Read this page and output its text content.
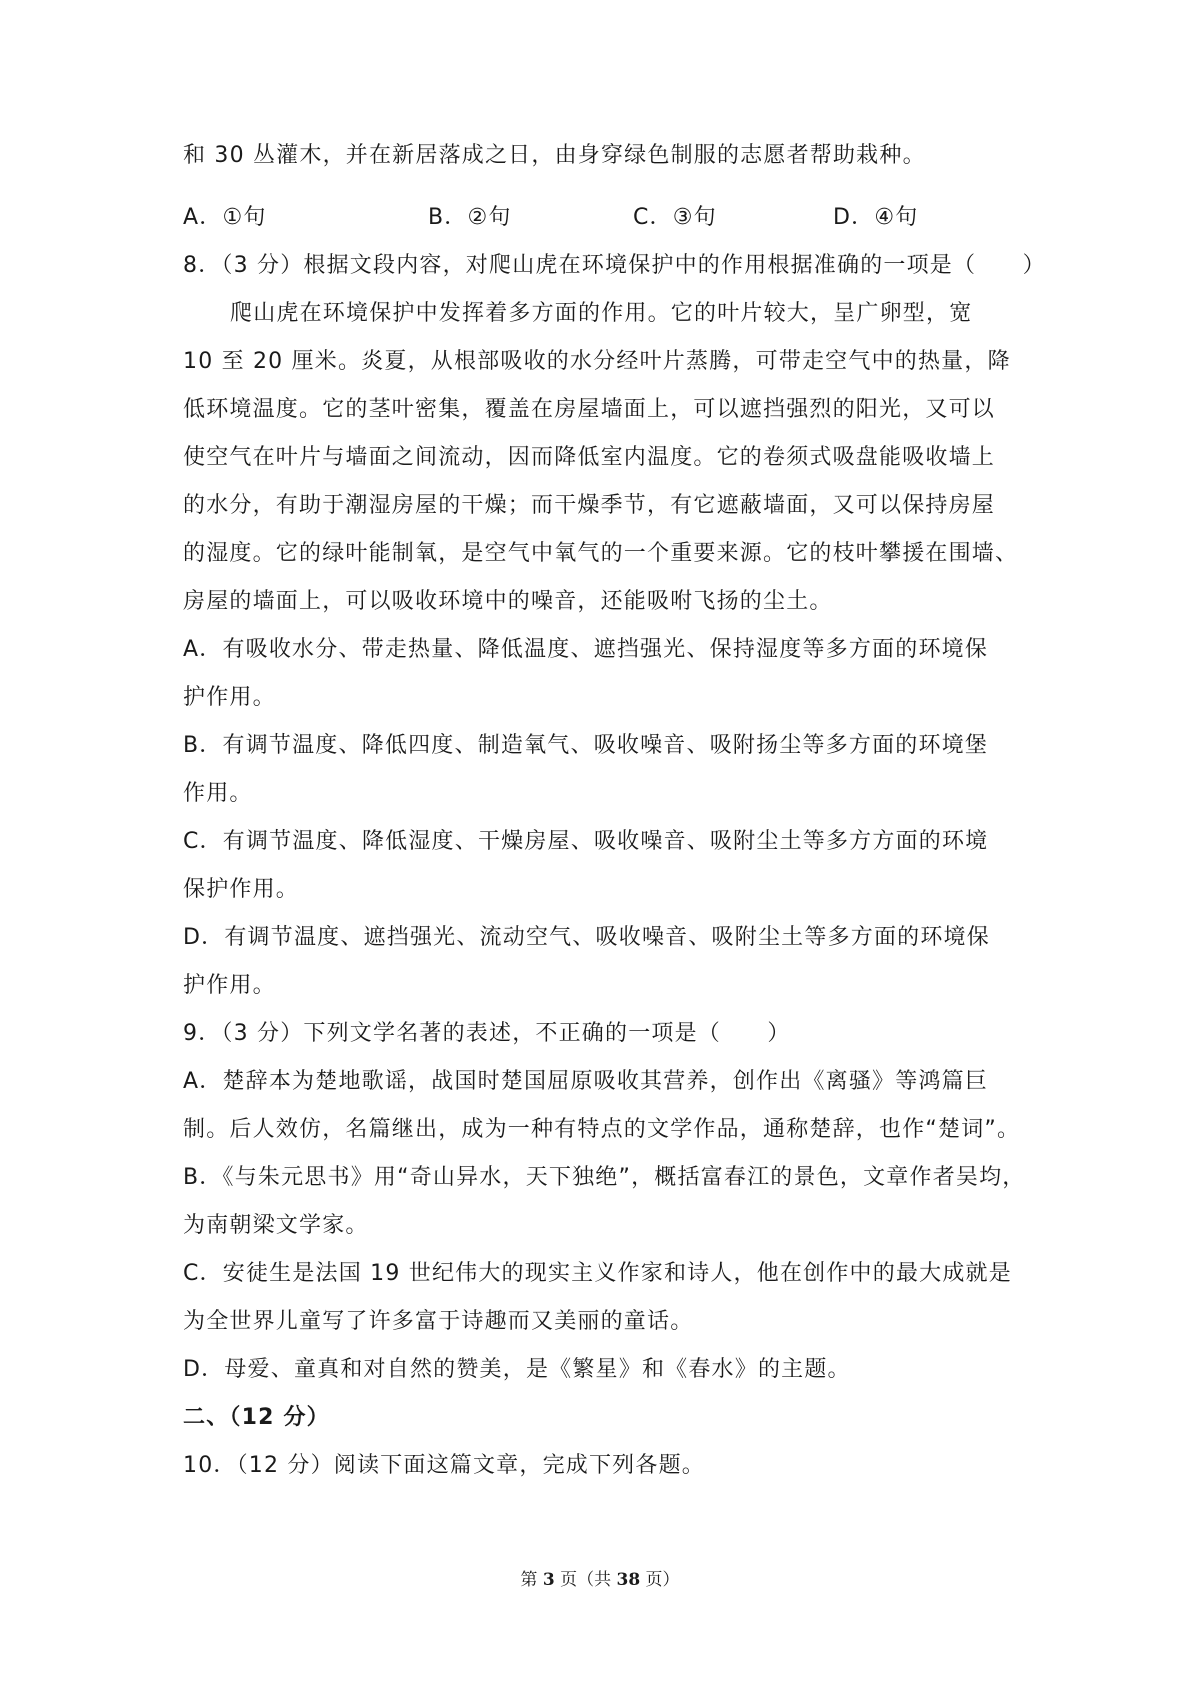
和 30 丛灌木，并在新居落成之日，由身穿绿色制服的志愿者帮助栽种。
A．①句	B．②句	C．③句	D．④句
8．（3 分）根据文段内容，对爬山虎在环境保护中的作用根据准确的一项是（　　）
爬山虎在环境保护中发挥着多方面的作用。它的叶片较大，呈广卵型，宽
10 至 20 厘米。炎夏，从根部吸收的水分经叶片蒸腾，可带走空气中的热量，降
低环境温度。它的茎叶密集，覆盖在房屋墙面上，可以遮挡强烈的阳光，又可以
使空气在叶片与墙面之间流动，因而降低室内温度。它的卷须式吸盘能吸收墙上
的水分，有助于潮湿房屋的干燥；而干燥季节，有它遮蔽墙面，又可以保持房屋
的湿度。它的绿叶能制氧，是空气中氧气的一个重要来源。它的枝叶攀援在围墙、
房屋的墙面上，可以吸收环境中的噪音，还能吸咐飞扬的尘土。
A．有吸收水分、带走热量、降低温度、遮挡强光、保持湿度等多方面的环境保
护作用。
B．有调节温度、降低四度、制造氧气、吸收噪音、吸附扬尘等多方面的环境堡
作用。
C．有调节温度、降低湿度、干燥房屋、吸收噪音、吸附尘土等多方方面的环境
保护作用。
D．有调节温度、遮挡强光、流动空气、吸收噪音、吸附尘土等多方面的环境保
护作用。
9．（3 分）下列文学名著的表述，不正确的一项是（　　）
A．楚辞本为楚地歌谣，战国时楚国屈原吸收其营养，创作出《离骚》等鸿篇巨
制。后人效仿，名篇继出，成为一种有特点的文学作品，通称楚辞，也作“楚词”。
B．《与朱元思书》用“奇山异水，天下独绝”，概括富春江的景色，文章作者吴均，
为南朝梁文学家。
C．安徒生是法国 19 世纪伟大的现实主义作家和诗人，他在创作中的最大成就是
为全世界儿童写了许多富于诗趣而又美丽的童话。
D．母爱、童真和对自然的赞美，是《繁星》和《春水》的主题。
二、（12 分）
10．（12 分）阅读下面这篇文章，完成下列各题。
第 3 页（共 38 页）
